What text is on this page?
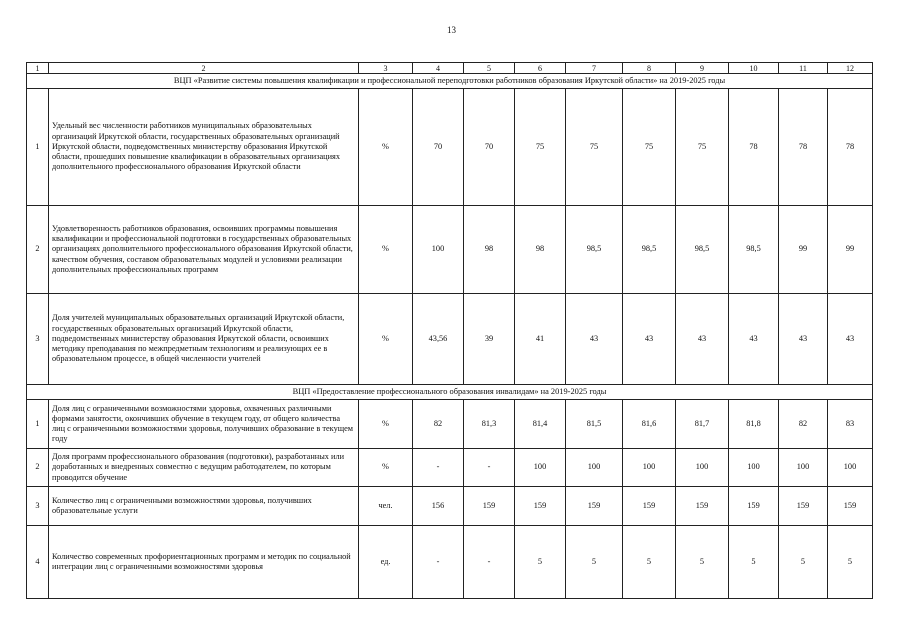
13
1	2	3	4	5	6	7	8	9	10	11	12
ВЦП «Развитие системы повышения квалификации и профессиональной переподготовки работников образования Иркутской области» на 2019-2025 годы											
1	Удельный вес численности работников муниципальных образовательных организаций Иркутской области, государственных образовательных организаций Иркутской области, подведомственных министерству образования Иркутской области, прошедших повышение квалификации в образовательных организациях дополнительного профессионального образования Иркутской области	%	70	70	75	75	75	75	78	78	78
2	Удовлетворенность работников образования, освоивших программы повышения квалификации и профессиональной подготовки в государственных образовательных организациях дополнительного профессионального образования Иркутской области, качеством обучения, составом образовательных модулей и условиями реализации дополнительных профессиональных программ	%	100	98	98	98,5	98,5	98,5	98,5	99	99
3	Доля учителей муниципальных образовательных организаций Иркутской области, государственных образовательных организаций Иркутской области, подведомственных министерству образования Иркутской области, освоивших методику преподавания по межпредметным технологиям и реализующих ее в образовательном процессе, в общей численности учителей	%	43,56	39	41	43	43	43	43	43	43
ВЦП «Предоставление профессионального образования инвалидам» на 2019-2025 годы											
1	Доля лиц с ограниченными возможностями здоровья, охваченных различными формами занятости, окончивших обучение в текущем году, от общего количества лиц с ограниченными возможностями здоровья, получивших образование в текущем году	%	82	81,3	81,4	81,5	81,6	81,7	81,8	82	83
2	Доля программ профессионального образования (подготовки), разработанных или доработанных и внедренных совместно с ведущим работодателем, по которым проводится обучение	%	-	-	100	100	100	100	100	100	100
3	Количество лиц с ограниченными возможностями здоровья, получивших образовательные услуги	чел.	156	159	159	159	159	159	159	159	159
4	Количество современных профориентационных программ и методик по социальной интеграции лиц с ограниченными возможностями здоровья	ед.	-	-	5	5	5	5	5	5	5
